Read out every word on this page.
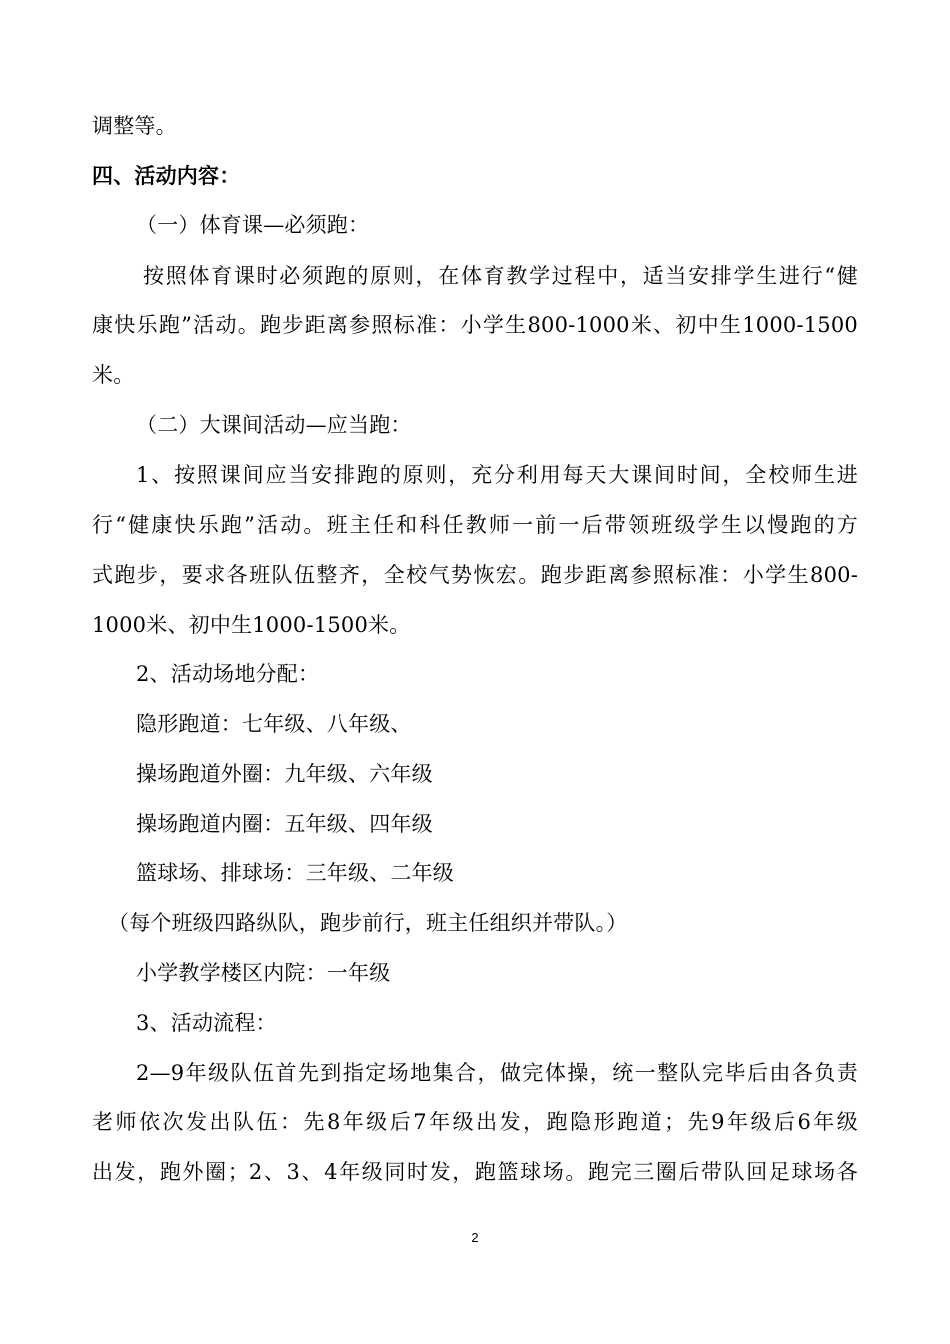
调整等。
四、活动内容：
（一）体育课—必须跑：
按照体育课时必须跑的原则，在体育教学过程中，适当安排学生进行“健
康快乐跑”活动。跑步距离参照标准：小学生800-1000米、初中生1000-1500
米。
（二）大课间活动—应当跑：
1、按照课间应当安排跑的原则，充分利用每天大课间时间，全校师生进
行“健康快乐跑”活动。班主任和科任教师一前一后带领班级学生以慢跑的方
式跑步，要求各班队伍整齐，全校气势恢宏。跑步距离参照标准：小学生800-
1000米、初中生1000-1500米。
2、活动场地分配：
隐形跑道：七年级、八年级、
操场跑道外圈：九年级、六年级
操场跑道内圈：五年级、四年级
篮球场、排球场：三年级、二年级
（每个班级四路纵队，跑步前行，班主任组织并带队。）
小学教学楼区内院：一年级
3、活动流程：
2—9年级队伍首先到指定场地集合，做完体操，统一整队完毕后由各负责
老师依次发出队伍：先8年级后7年级出发，跑隐形跑道；先9年级后6年级
出发，跑外圈；2、3、4年级同时发，跑篮球场。跑完三圈后带队回足球场各
2
